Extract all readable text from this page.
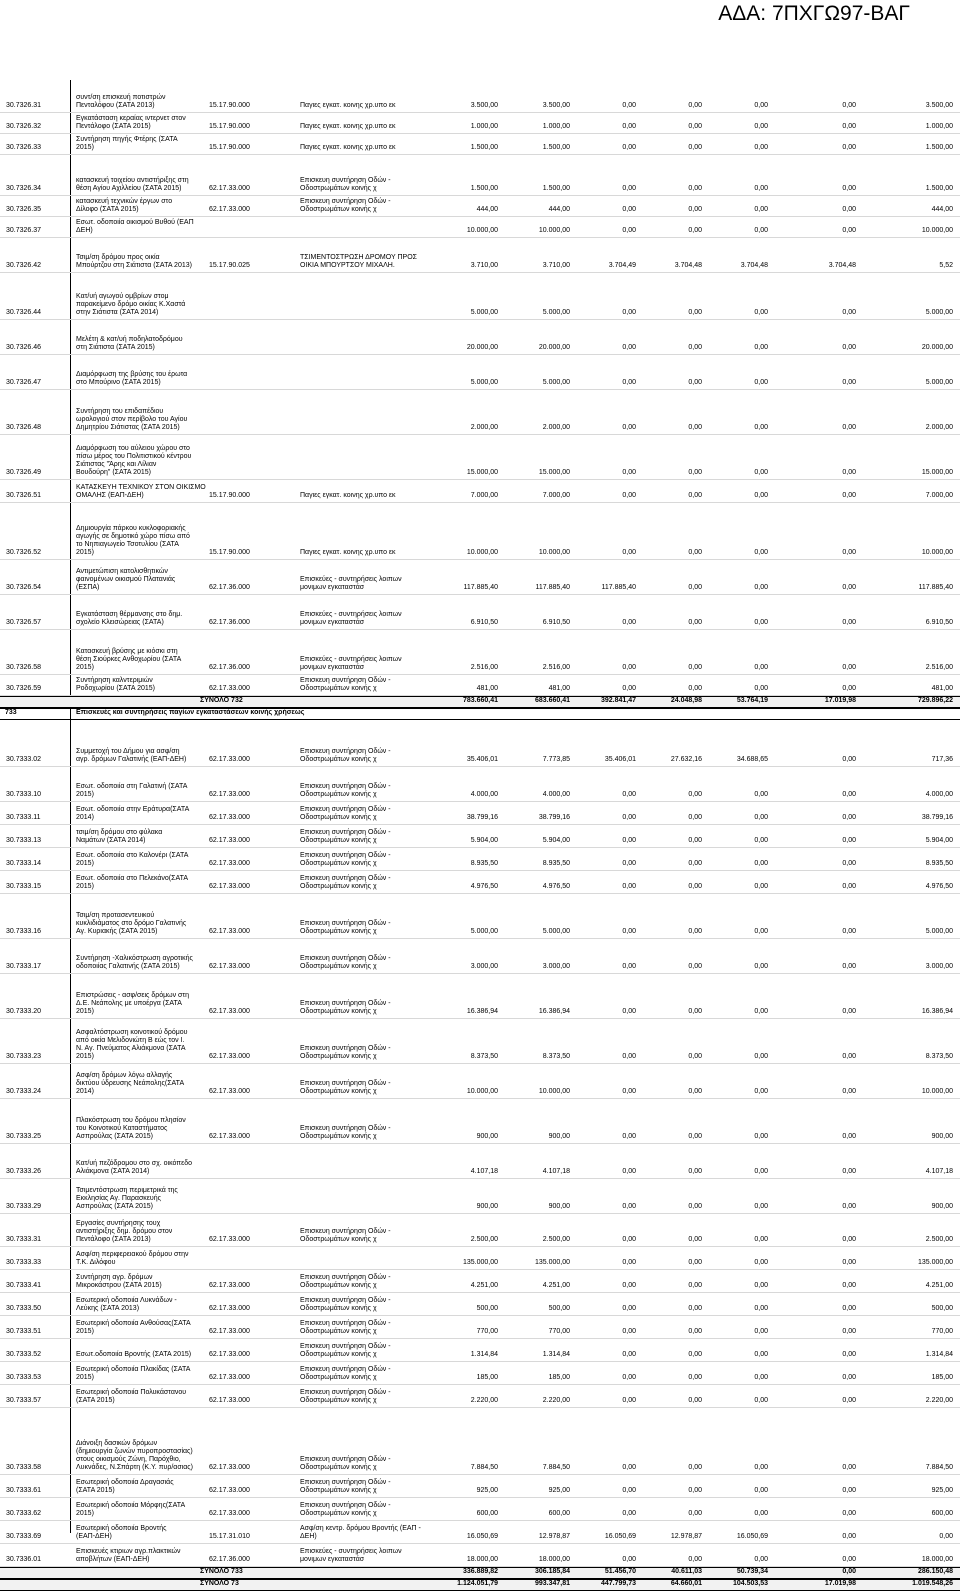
ΑΔΑ: 7ΠΧΓΩ97-ΒΑΓ
30.7326.31
συντ/ση επισκευή ποτιστρών
Πενταλόφου (ΣΑΤΑ 2013)	15.17.90.000	Παγιες εγκατ. κοινης χρ.υπο εκ	3.500,00	3.500,00	0,00	0,00	0,00	0,00	3.500,00
30.7326.32
Εγκατάσταση κεραίας ιντερνετ στον
Πεντάλοφο (ΣΑΤΑ 2015)	15.17.90.000	Παγιες εγκατ. κοινης χρ.υπο εκ	1.000,00	1.000,00	0,00	0,00	0,00	0,00	1.000,00
30.7326.33
Συντήρηση πηγής Φτέρης (ΣΑΤΑ
2015)	15.17.90.000	Παγιες εγκατ. κοινης χρ.υπο εκ	1.500,00	1.500,00	0,00	0,00	0,00	0,00	1.500,00
30.7326.34
κατασκευή τοιχείου αντιστήριξης στη
θέση Αγίου Αχιλλείου (ΣΑΤΑ 2015)	62.17.33.000
Επισκευη συντήρηση Οδών -
Οδοστρωμάτων κοινής χ	1.500,00	1.500,00	0,00	0,00	0,00	0,00	1.500,00
30.7326.35
κατασκευή τεχνικών έργων στο
Δίλοφο (ΣΑΤΑ 2015)	62.17.33.000
Επισκευη συντήρηση Οδών -
Οδοστρωμάτων κοινής χ	444,00	444,00	0,00	0,00	0,00	0,00	444,00
30.7326.37
Εσωτ. οδοποιία οικισμού Βυθού (ΕΑΠ
ΔΕΗ)	10.000,00	10.000,00	0,00	0,00	0,00	0,00	10.000,00
30.7326.42
Τσιμ/ση δρόμου προς οικία
Μπούρτζου στη Σιάτιστα (ΣΑΤΑ 2013)	15.17.90.025
ΤΣΙΜΕΝΤΟΣΤΡΩΣΗ ΔΡΟΜΟΥ ΠΡΟΣ
ΟΙΚΙΑ ΜΠΟΥΡΤΣΟΥ ΜΙΧΑΛΗ.	3.710,00	3.710,00	3.704,49	3.704,48	3.704,48	3.704,48	5,52
30.7326.44
Κατ/υή αγωγού ομβρίων στομ
παρακείμενο δρόμο οικίας Κ.Χαστά
στην Σιάτιστα (ΣΑΤΑ 2014)	5.000,00	5.000,00	0,00	0,00	0,00	0,00	5.000,00
30.7326.46
Μελέτη & κατ/υή ποδηλατοδρόμου
στη Σιάτιστα (ΣΑΤΑ 2015)	20.000,00	20.000,00	0,00	0,00	0,00	0,00	20.000,00
30.7326.47
Διαμόρφωση της βρύσης του έρωτα
στο Μπούρινο (ΣΑΤΑ 2015)	5.000,00	5.000,00	0,00	0,00	0,00	0,00	5.000,00
30.7326.48
Συντήρηση του επιδαπέδιου
ωρολογιού στον περίβολο του Αγίου
Δημητρίου Σιάτιστας (ΣΑΤΑ 2015)	2.000,00	2.000,00	0,00	0,00	0,00	0,00	2.000,00
30.7326.49
Διαμόρφωση του αύλειου χώρου στο
πίσω μέρος του Πολιτιστικού κέντρου
Σιάτιστας "Άρης και Λίλιαν
Βουδούρη" (ΣΑΤΑ 2015)	15.000,00	15.000,00	0,00	0,00	0,00	0,00	15.000,00
30.7326.51
ΚΑΤΑΣΚΕΥΗ ΤΕΧΝΙΚΟΥ ΣΤΟΝ ΟΙΚΙΣΜΟ
ΟΜΑΛΗΣ (ΕΑΠ-ΔΕΗ)	15.17.90.000	Παγιες εγκατ. κοινης χρ.υπο εκ	7.000,00	7.000,00	0,00	0,00	0,00	0,00	7.000,00
30.7326.52
Δημιουργία πάρκου κυκλοφοριακής
αγωγής σε δημοτικό χώρο πίσω από
το Νηπιαγωγείο Τσοτυλίου (ΣΑΤΑ
2015)	15.17.90.000	Παγιες εγκατ. κοινης χρ.υπο εκ	10.000,00	10.000,00	0,00	0,00	0,00	0,00	10.000,00
30.7326.54
Αντιμετώπιση κατολισθητικών
φαινομένων οικισμού Πλατανιάς
(ΕΣΠΑ)	62.17.36.000
Επισκεύες - συντηρήσεις λοιπων
μονιμων εγκαταστάσ	117.885,40	117.885,40	117.885,40	0,00	0,00	0,00	117.885,40
30.7326.57
Εγκατάσταση θέρμανσης στο δημ.
σχολείο Κλεισώρειας (ΣΑΤΑ)	62.17.36.000
Επισκεύες - συντηρήσεις λοιπων
μονιμων εγκαταστάσ	6.910,50	6.910,50	0,00	0,00	0,00	0,00	6.910,50
30.7326.58
Κατασκευή βρύσης με κιόσκι στη
θέση Σιούρκες Ανθοχωρίου (ΣΑΤΑ
2015)	62.17.36.000
Επισκεύες - συντηρήσεις λοιπων
μονιμων εγκαταστάσ	2.516,00	2.516,00	0,00	0,00	0,00	0,00	2.516,00
30.7326.59
Συντήρηση καλντεριμιών
Ροδοχωρίου (ΣΑΤΑ 2015)	62.17.33.000
Επισκευη συντήρηση Οδών -
Οδοστρωμάτων κοινής χ	481,00	481,00	0,00	0,00	0,00	0,00	481,00
ΣΥΝΟΛΟ 732	783.660,41	683.660,41	392.841,47	24.048,98	53.764,19	17.019,98	729.896,22
733	Επισκευές και συντηρήσεις παγίων εγκαταστάσεων κοινής χρήσεως
30.7333.02
Συμμετοχή του Δήμου για ασφ/ση
αγρ. δρόμων Γαλατινής (ΕΑΠ-ΔΕΗ)	62.17.33.000
Επισκευη συντήρηση Οδών -
Οδοστρωμάτων κοινής χ	35.406,01	7.773,85	35.406,01	27.632,16	34.688,65	0,00	717,36
30.7333.10
Εσωτ. οδοποιία στη Γαλατινή (ΣΑΤΑ
2015)	62.17.33.000
Επισκευη συντήρηση Οδών -
Οδοστρωμάτων κοινής χ	4.000,00	4.000,00	0,00	0,00	0,00	0,00	4.000,00
30.7333.11
Εσωτ. οδοποιία στην Εράτυρα(ΣΑΤΑ
2014)	62.17.33.000
Επισκευη συντήρηση Οδών -
Οδοστρωμάτων κοινής χ	38.799,16	38.799,16	0,00	0,00	0,00	0,00	38.799,16
30.7333.13
τσιμ/ση δρόμου στο φύλακα
Ναμάτων (ΣΑΤΑ 2014)	62.17.33.000
Επισκευη συντήρηση Οδών -
Οδοστρωμάτων κοινής χ	5.904,00	5.904,00	0,00	0,00	0,00	0,00	5.904,00
30.7333.14
Εσωτ. οδοποιία στο Καλονέρι (ΣΑΤΑ
2015)	62.17.33.000
Επισκευη συντήρηση Οδών -
Οδοστρωμάτων κοινής χ	8.935,50	8.935,50	0,00	0,00	0,00	0,00	8.935,50
30.7333.15
Εσωτ. οδοποιία στο Πελεκάνο(ΣΑΤΑ
2015)	62.17.33.000
Επισκευη συντήρηση Οδών -
Οδοστρωμάτων κοινής χ	4.976,50	4.976,50	0,00	0,00	0,00	0,00	4.976,50
30.7333.16
Τσιμ/ση προτασεντευικού
κυκλιδιάματος στο δρόμο Γαλατινής
Αγ. Κυριακής (ΣΑΤΑ 2015)	62.17.33.000
Επισκευη συντήρηση Οδών -
Οδοστρωμάτων κοινής χ	5.000,00	5.000,00	0,00	0,00	0,00	0,00	5.000,00
30.7333.17
Συντήρηση -Χαλικόστρωση αγροτικής
οδοποιίας Γαλατινής (ΣΑΤΑ 2015)	62.17.33.000
Επισκευη συντήρηση Οδών -
Οδοστρωμάτων κοινής χ	3.000,00	3.000,00	0,00	0,00	0,00	0,00	3.000,00
30.7333.20
Επιστρώσεις - ασφ/σεις δρόμων στη
Δ.Ε. Νεάπολης με υποέργα (ΣΑΤΑ
2015)	62.17.33.000
Επισκευη συντήρηση Οδών -
Οδοστρωμάτων κοινής χ	16.386,94	16.386,94	0,00	0,00	0,00	0,00	16.386,94
30.7333.23
Ασφαλτόστρωση κοινοτικού δρόμου
από οικία Μελιδονιώτη Β εώς τον Ι.
Ν. Αγ. Πνεύματος Αλιάκμονα (ΣΑΤΑ
2015)	62.17.33.000
Επισκευη συντήρηση Οδών -
Οδοστρωμάτων κοινής χ	8.373,50	8.373,50	0,00	0,00	0,00	0,00	8.373,50
30.7333.24
Ασφ/ση δρόμων λόγω αλλαγής
δικτύου ύδρευσης Νεάπολης(ΣΑΤΑ
2014)	62.17.33.000
Επισκευη συντήρηση Οδών -
Οδοστρωμάτων κοινής χ	10.000,00	10.000,00	0,00	0,00	0,00	0,00	10.000,00
30.7333.25
Πλακόστρωση του δρόμου πλησίον
του Κοινοτικού Καταστήματος
Ασπρούλας (ΣΑΤΑ 2015)	62.17.33.000
Επισκευη συντήρηση Οδών -
Οδοστρωμάτων κοινής χ	900,00	900,00	0,00	0,00	0,00	0,00	900,00
30.7333.26
Κατ/υή πεζόδρομου στο σχ. οικόπεδο
Αλιάκμονα (ΣΑΤΑ 2014)	4.107,18	4.107,18	0,00	0,00	0,00	0,00	4.107,18
30.7333.29
Τσιμεντόστρωση περιμετρικά της
Εκκλησίας Αγ. Παρασκευής
Ασπρούλας (ΣΑΤΑ 2015)	900,00	900,00	0,00	0,00	0,00	0,00	900,00
30.7333.31
Εργασίες συντήρησης τουχ
αντιστήριξης δημ. δρόμου στον
Πεντάλοφο (ΣΑΤΑ 2013)	62.17.33.000
Επισκευη συντήρηση Οδών -
Οδοστρωμάτων κοινής χ	2.500,00	2.500,00	0,00	0,00	0,00	0,00	2.500,00
30.7333.33
Ασφ/ση περιφερειακού δρόμου στην
Τ.Κ. Διλόφου	135.000,00	135.000,00	0,00	0,00	0,00	0,00	135.000,00
30.7333.41
Συντήρηση αγρ. δρόμων
Μικροκάστρου (ΣΑΤΑ 2015)	62.17.33.000
Επισκευη συντήρηση Οδών -
Οδοστρωμάτων κοινής χ	4.251,00	4.251,00	0,00	0,00	0,00	0,00	4.251,00
30.7333.50
Εσωτερική οδοποιία Λυκνάδων -
Λεύκης (ΣΑΤΑ 2013)	62.17.33.000
Επισκευη συντήρηση Οδών -
Οδοστρωμάτων κοινής χ	500,00	500,00	0,00	0,00	0,00	0,00	500,00
30.7333.51
Εσωτερική οδοποιία Ανθούσας(ΣΑΤΑ
2015)	62.17.33.000
Επισκευη συντήρηση Οδών -
Οδοστρωμάτων κοινής χ	770,00	770,00	0,00	0,00	0,00	0,00	770,00
30.7333.52	Εσωτ.οδοποιία Βροντής (ΣΑΤΑ 2015)	62.17.33.000
Επισκευη συντήρηση Οδών -
Οδοστρωμάτων κοινής χ	1.314,84	1.314,84	0,00	0,00	0,00	0,00	1.314,84
30.7333.53
Εσωτερική οδοποιία Πλακίδας (ΣΑΤΑ
2015)	62.17.33.000
Επισκευη συντήρηση Οδών -
Οδοστρωμάτων κοινής χ	185,00	185,00	0,00	0,00	0,00	0,00	185,00
30.7333.57
Εσωτερική οδοποιία Πολυκάστανου
(ΣΑΤΑ 2015)	62.17.33.000
Επισκευη συντήρηση Οδών -
Οδοστρωμάτων κοινής χ	2.220,00	2.220,00	0,00	0,00	0,00	0,00	2.220,00
30.7333.58
Διάνοιξη δασικών δρόμων
(δημιουργία ζωνών πυροπροστασίας)
στους οικισμούς Ζώνη, Παρόχθιο,
Λυκνάδες, Ν.Σπάρτη (Κ.Υ. πυρ/ασιας)	62.17.33.000
Επισκευη συντήρηση Οδών -
Οδοστρωμάτων κοινής χ	7.884,50	7.884,50	0,00	0,00	0,00	0,00	7.884,50
30.7333.61
Εσωτερική οδοποιία Δραγασιάς
(ΣΑΤΑ 2015)	62.17.33.000
Επισκευη συντήρηση Οδών -
Οδοστρωμάτων κοινής χ	925,00	925,00	0,00	0,00	0,00	0,00	925,00
30.7333.62
Εσωτερική οδοποιία Μόρφης(ΣΑΤΑ
2015)	62.17.33.000
Επισκευη συντήρηση Οδών -
Οδοστρωμάτων κοινής χ	600,00	600,00	0,00	0,00	0,00	0,00	600,00
30.7333.69
Εσωτερική οδοποιία Βροντής
(ΕΑΠ-ΔΕΗ)	15.17.31.010
Ασφ/ση κεντρ. δρόμου Βροντής (ΕΑΠ -
ΔΕΗ)	16.050,69	12.978,87	16.050,69	12.978,87	16.050,69	0,00	0,00
30.7336.01
Επισκευές κτιριων αγρ.πλακτικών
αποβλήτων (ΕΑΠ-ΔΕΗ)	62.17.36.000
Επισκεύες - συντηρήσεις λοιπων
μονιμων εγκαταστάσ	18.000,00	18.000,00	0,00	0,00	0,00	0,00	18.000,00
ΣΥΝΟΛΟ 733	336.889,82	306.185,84	51.456,70	40.611,03	50.739,34	0,00	286.150,48
ΣΥΝΟΛΟ 73	1.124.051,79	993.347,81	447.799,73	64.660,01	104.503,53	17.019,98	1.019.548,26
